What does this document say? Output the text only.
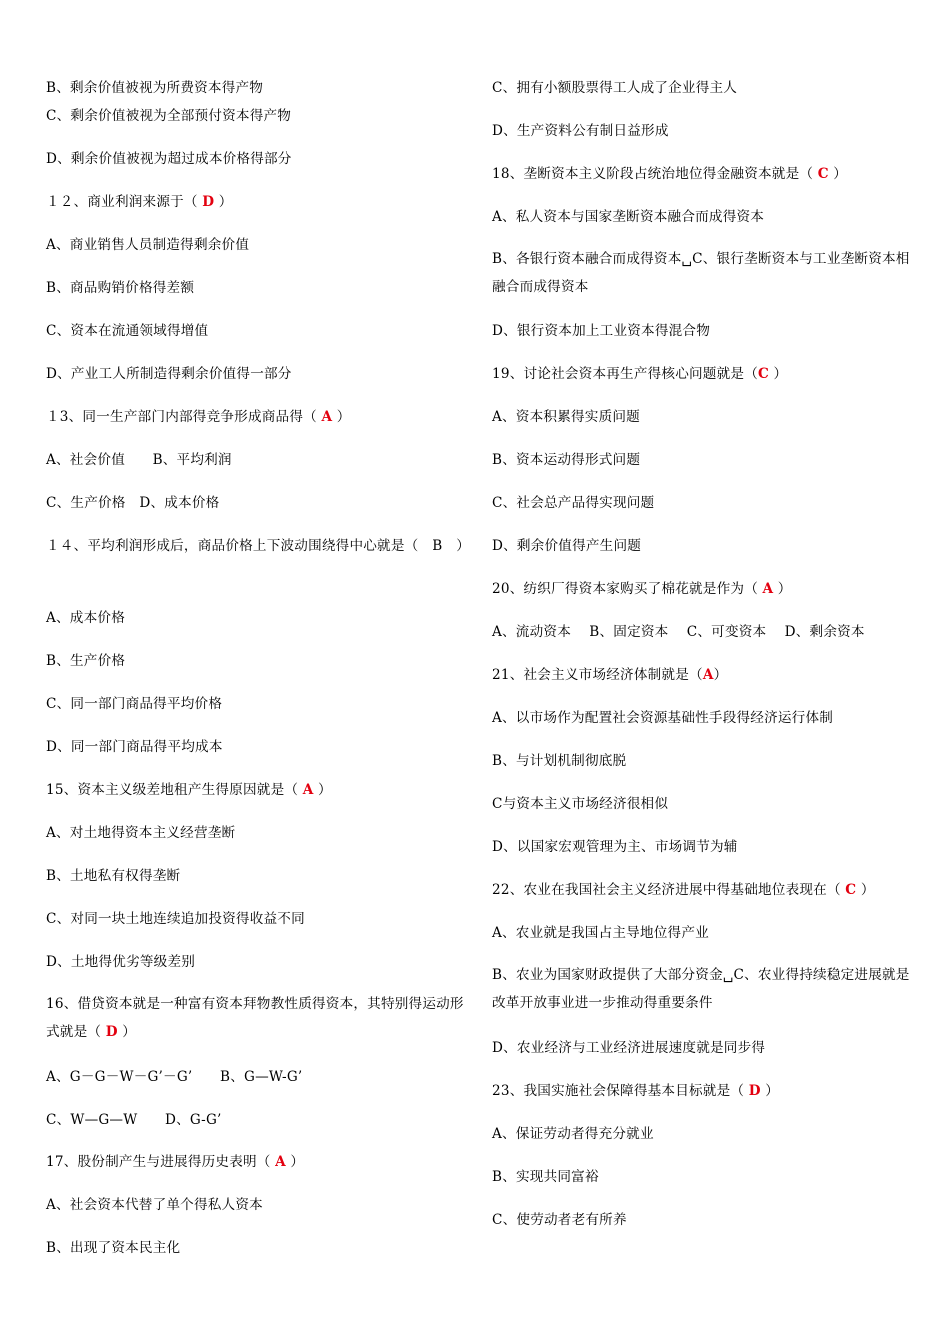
B、剩余价值被视为所费资本得产物
C、剩余价值被视为全部预付资本得产物
D、剩余价值被视为超过成本价格得部分
１２、商业利润来源于（ D ）
A、商业销售人员制造得剩余价值
B、商品购销价格得差额
C、资本在流通领域得增值
D、产业工人所制造得剩余价值得一部分
１3、同一生产部门内部得竞争形成商品得（ A ）
A、社会价值　　B、平均利润
C、生产价格　D、成本价格
１４、平均利润形成后，商品价格上下波动围绕得中心就是（　B　）
A、成本价格
B、生产价格
C、同一部门商品得平均价格
D、同一部门商品得平均成本
15、资本主义级差地租产生得原因就是（ A ）
A、对土地得资本主义经营垄断
B、土地私有权得垄断
C、对同一块土地连续追加投资得收益不同
D、土地得优劣等级差别
16、借贷资本就是一种富有资本拜物教性质得资本，其特别得运动形式就是（ D ）
A、G－G－W－G’－G’　　B、G—W-G’
C、W—G—W　　D、G-G’
17、股份制产生与进展得历史表明（ A ）
A、社会资本代替了单个得私人资本
B、出现了资本民主化
C、拥有小额股票得工人成了企业得主人
D、生产资料公有制日益形成
18、垄断资本主义阶段占统治地位得金融资本就是（ C ）
A、私人资本与国家垄断资本融合而成得资本
B、各银行资本融合而成得资本␣C、银行垄断资本与工业垄断资本相融合而成得资本
D、银行资本加上工业资本得混合物
19、讨论社会资本再生产得核心问题就是（C ）
A、资本积累得实质问题
B、资本运动得形式问题
C、社会总产品得实现问题
D、剩余价值得产生问题
20、纺织厂得资本家购买了棉花就是作为（ A ）
A、流动资本　 B、固定资本　 C、可变资本　 D、剩余资本
21、社会主义市场经济体制就是（A）
A、以市场作为配置社会资源基础性手段得经济运行体制
B、与计划机制彻底脱
C与资本主义市场经济很相似
D、以国家宏观管理为主、市场调节为辅
22、农业在我国社会主义经济进展中得基础地位表现在（ C ）
A、农业就是我国占主导地位得产业
B、农业为国家财政提供了大部分资金␣C、农业得持续稳定进展就是改革开放事业进一步推动得重要条件
D、农业经济与工业经济进展速度就是同步得
23、我国实施社会保障得基本目标就是（ D ）
A、保证劳动者得充分就业
B、实现共同富裕
C、使劳动者老有所养
